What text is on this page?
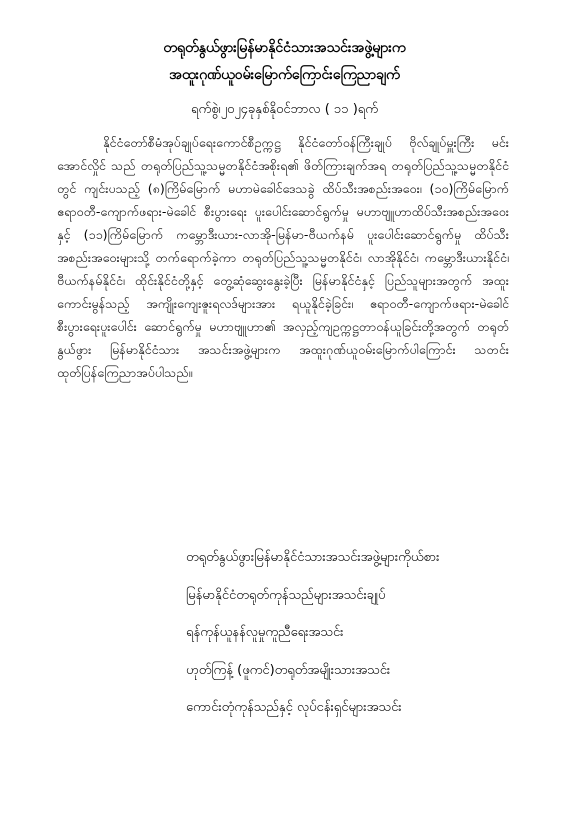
တရုတ်နွယ်ဖွားမြန်မာနိုင်ငံသားအသင်းအဖွဲ့များက
အထူးဂုဏ်ယူဝမ်းမြောက်ကြောင်းကြေညာချက်
ရက်စွဲ၊၂၀၂၄ခုနှစ်နိုဝင်ဘာလ ( ၁၁ )ရက်

နိုင်ငံတော်စီမံအုပ်ချုပ်ရေးကောင်စီဥက္ကဋ္ဌ နိုင်ငံတော်ဝန်ကြီးချုပ် ဗိုလ်ချုပ်မှူးကြီး မင်းအောင်လှိုင် သည် တရုတ်ပြည်သူ့သမ္မတနိုင်ငံအစိုးရ၏ ဖိတ်ကြားချက်အရ တရုတ်ပြည်သူ့သမ္မတနိုင်ငံတွင် ကျင်းပသည့် (၈)ကြိမ်မြောက် မဟာမဲခေါင်ဒေသခွဲ ထိပ်သီးအစည်းအဝေး၊ (၁၀)ကြိမ်မြောက်ဧရာဝတီ-ကျောက်ဖရား-မဲခေါင် စီးပွားရေး ပူးပေါင်းဆောင်ရွက်မှု မဟာဗျူဟာထိပ်သီးအစည်းအဝေးနှင့် (၁၁)ကြိမ်မြောက် ကမ္ဘောဒီးယား-လာအို-မြန်မာ-ဗီယက်နမ် ပူးပေါင်းဆောင်ရွက်မှု ထိပ်သီးအစည်းအဝေးများသို့ တက်ရောက်ခဲ့ကာ တရုတ်ပြည်သူ့သမ္မတနိုင်ငံ၊ လာအိုနိုင်ငံ၊ ကမ္ဘောဒီးယားနိုင်ငံ၊ ဗီယက်နမ်နိုင်ငံ၊ ထိုင်းနိုင်ငံတို့နှင့် တွေ့ဆုံဆွေးနွေးခဲ့ပြီး မြန်မာနိုင်ငံနှင့် ပြည်သူများအတွက် အထူးကောင်းမွန်သည့် အကျိုးကျေးဇူးရလဒ်များအား ရယူနိုင်ခဲ့ခြင်း၊ ဧရာဝတီ-ကျောက်ဖရား-မဲခေါင်စီးပွားရေးပူးပေါင်း ဆောင်ရွက်မှု မဟာဗျူဟာ၏ အလှည့်ကျဥက္ကဋ္ဌတာဝန်ယူခြင်းတို့အတွက် တရုတ်နွယ်ဖွား မြန်မာနိုင်ငံသား အသင်းအဖွဲ့များက အထူးဂုဏ်ယူဝမ်းမြောက်ပါကြောင်း သတင်းထုတ်ပြန်ကြေညာအပ်ပါသည်။

တရုတ်နွယ်ဖွားမြန်မာနိုင်ငံသားအသင်းအဖွဲ့များကိုယ်စား
မြန်မာနိုင်ငံတရုတ်ကုန်သည်များအသင်းချုပ်
ရန်ကုန်ယူနန်လူမှုကူညီရေးအသင်း
ဟုတ်ကြန့် (ဖူကင်)တရုတ်အမျိုးသားအသင်း
ကောင်းတုံကုန်သည်နှင့် လုပ်ငန်းရှင်များအသင်း
